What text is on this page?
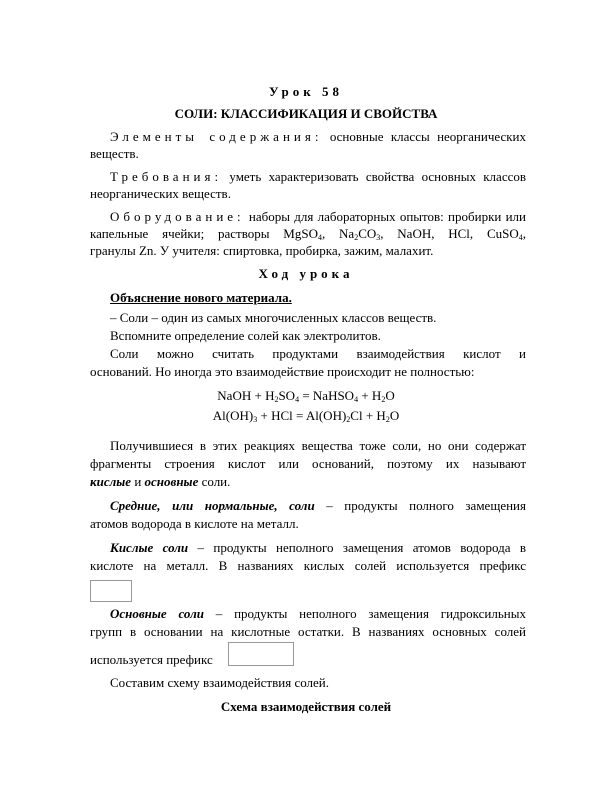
Урок 58
СОЛИ: КЛАССИФИКАЦИЯ И СВОЙСТВА
Элементы содержания: основные классы неорганических
веществ.
Требования: уметь характеризовать свойства основных классов
неорганических веществ.
Оборудование: наборы для лабораторных опытов: пробирки или
капельные ячейки; растворы MgSO$_4$, $Na_2CO_3$, NaOH, HCl, CuSO$_4$,
гранулы Zn. У учителя: спиртовка, пробирка, зажим, малахит.
Ход урока
Объяснение нового материала.
– Соли – один из самых многочисленных классов веществ.
Вспомните определение солей как электролитов.
Соли можно считать продуктами взаимодействия кислот и
оснований. Но иногда это взаимодействие происходит не полностью:
NaOH + $H_2SO_4$ = NaHSO$_4$ + $H_2O$
$Al(OH)_3$ + HCl = $Al(OH)_2Cl + H_2O$
Получившиеся в этих реакциях вещества тоже соли, но они содержат
фрагменты строения кислот или оснований, поэтому их называют
кислые и основные соли.
Средние, или нормальные, соли – продукты полного замещения
атомов водорода в кислоте на металл.
Кислые соли – продукты неполного замещения атомов водорода в
кислоте на металл. В названиях кислых солей используется префикс
Основные соли – продукты неполного замещения гидроксильных
групп в основании на кислотные остатки. В названиях основных солей
используется префикс
Составим схему взаимодействия солей.
Схема взаимодействия солей
